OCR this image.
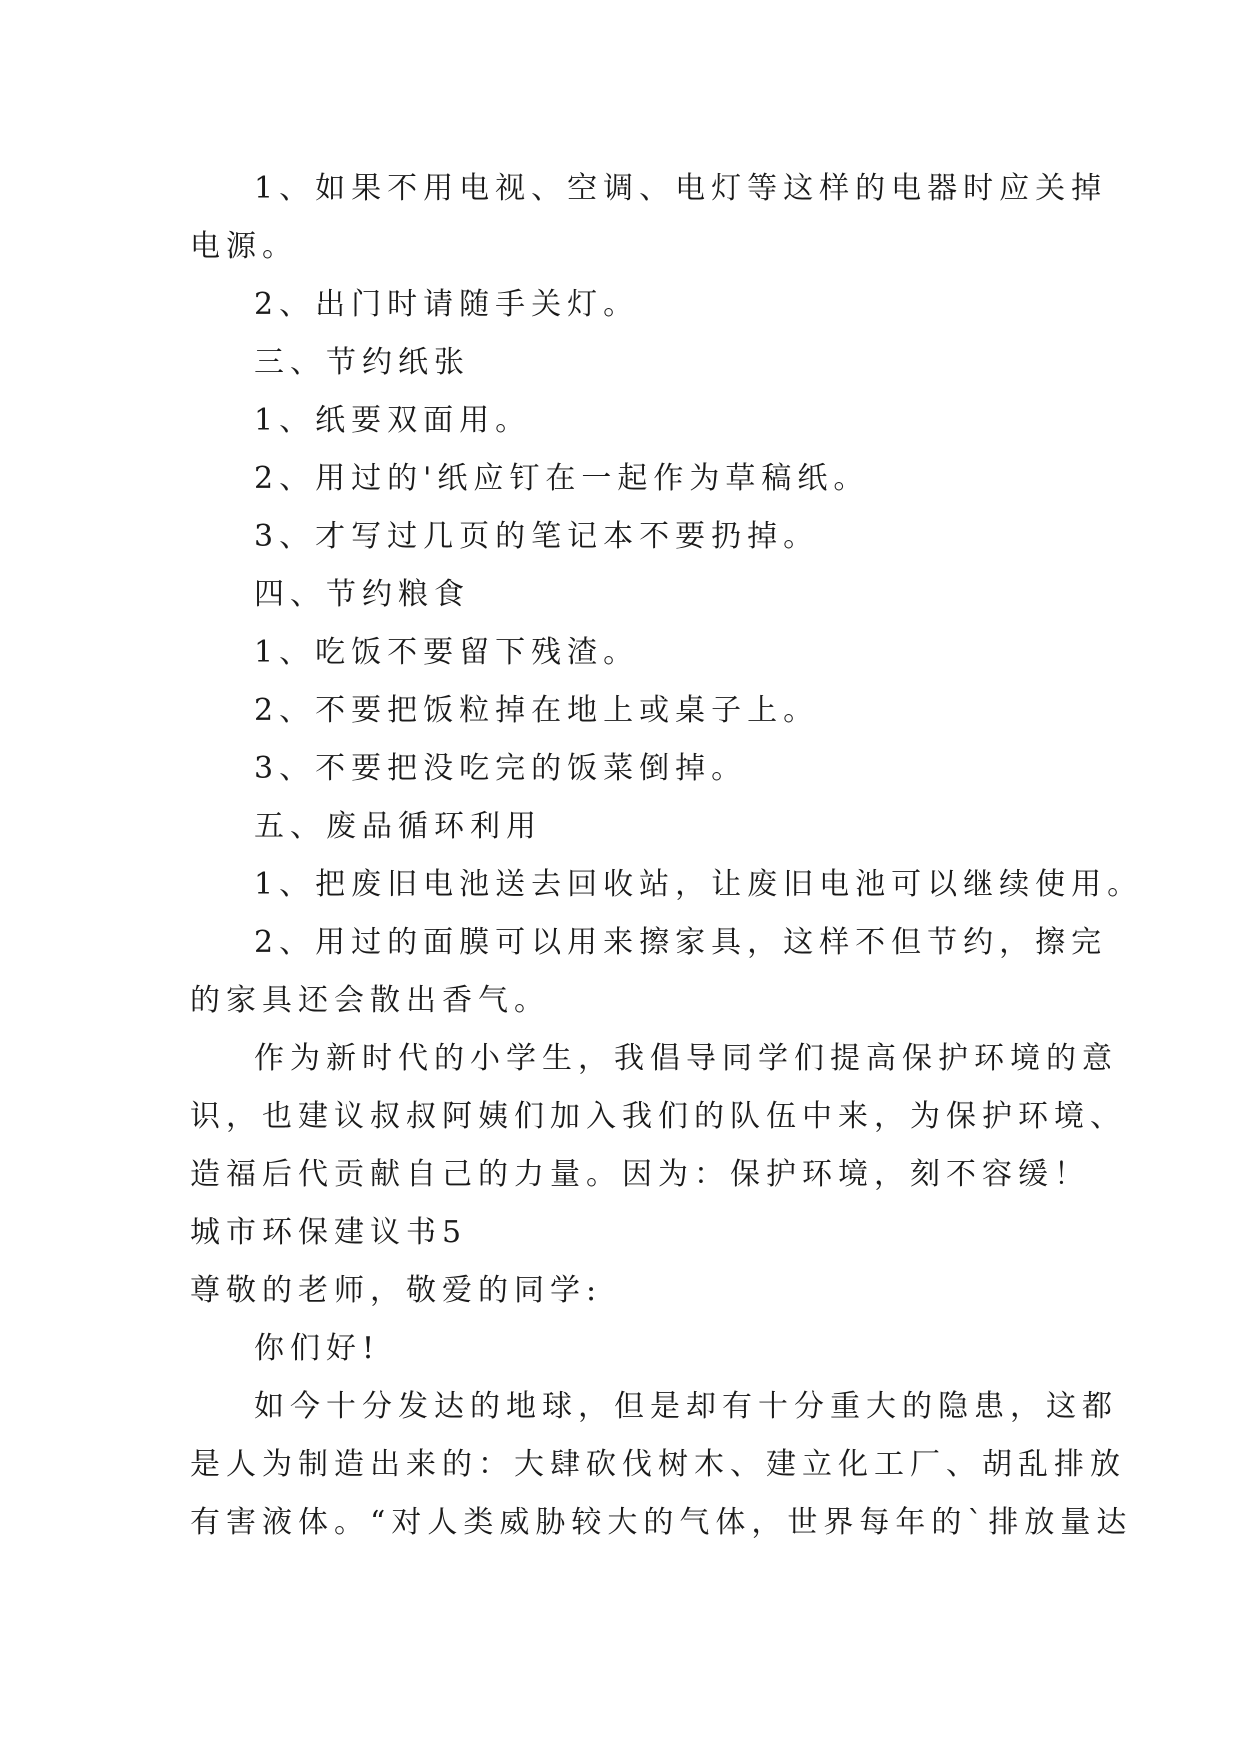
1、如果不用电视、空调、电灯等这样的电器时应关掉
电源。
2、出门时请随手关灯。
三、节约纸张
1、纸要双面用。
2、用过的'纸应钉在一起作为草稿纸。
3、才写过几页的笔记本不要扔掉。
四、节约粮食
1、吃饭不要留下残渣。
2、不要把饭粒掉在地上或桌子上。
3、不要把没吃完的饭菜倒掉。
五、废品循环利用
1、把废旧电池送去回收站，让废旧电池可以继续使用。
2、用过的面膜可以用来擦家具，这样不但节约，擦完
的家具还会散出香气。
作为新时代的小学生，我倡导同学们提高保护环境的意
识，也建议叔叔阿姨们加入我们的队伍中来，为保护环境、
造福后代贡献自己的力量。因为：保护环境，刻不容缓！
城市环保建议书5
尊敬的老师，敬爱的同学:
你们好!
如今十分发达的地球，但是却有十分重大的隐患，这都
是人为制造出来的：大肆砍伐树木、建立化工厂、胡乱排放
有害液体。“对人类威胁较大的气体，世界每年的`排放量达
